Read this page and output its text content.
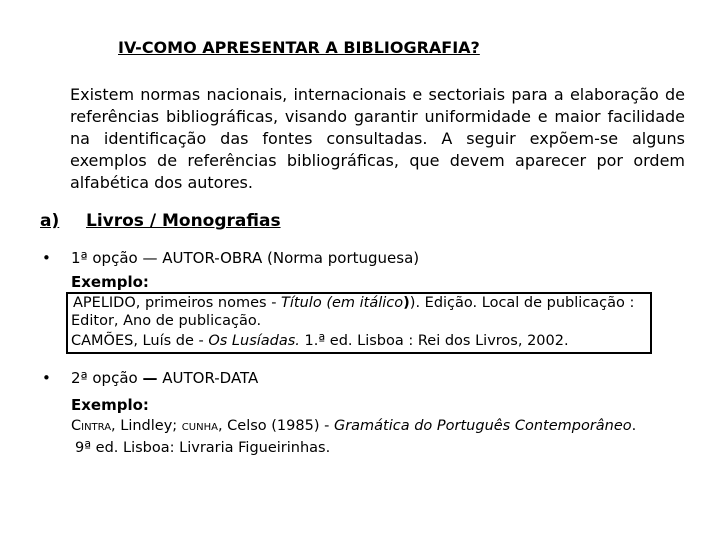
IV-COMO APRESENTAR A BIBLIOGRAFIA?
Existem normas nacionais, internacionais e sectoriais para a elaboração de referências bibliográficas, visando garantir uniformidade e maior facilidade na identificação das fontes consultadas. A seguir expõem-se alguns exemplos de referências bibliográficas, que devem aparecer por ordem alfabética dos autores.
a) Livros / Monografias
• 1ª opção — AUTOR-OBRA (Norma portuguesa)
Exemplo:
APELIDO, primeiros nomes - Título (em itálico)). Edição. Local de publicação :
Editor, Ano de publicação.
CAMÕES, Luís de - Os Lusíadas. 1.ª ed. Lisboa : Rei dos Livros, 2002.
• 2ª opção — AUTOR-DATA
Exemplo:
Cintra, Lindley; cunha, Celso (1985) - Gramática do Português Contemporâneo.
9ª ed. Lisboa: Livraria Figueirinhas.
